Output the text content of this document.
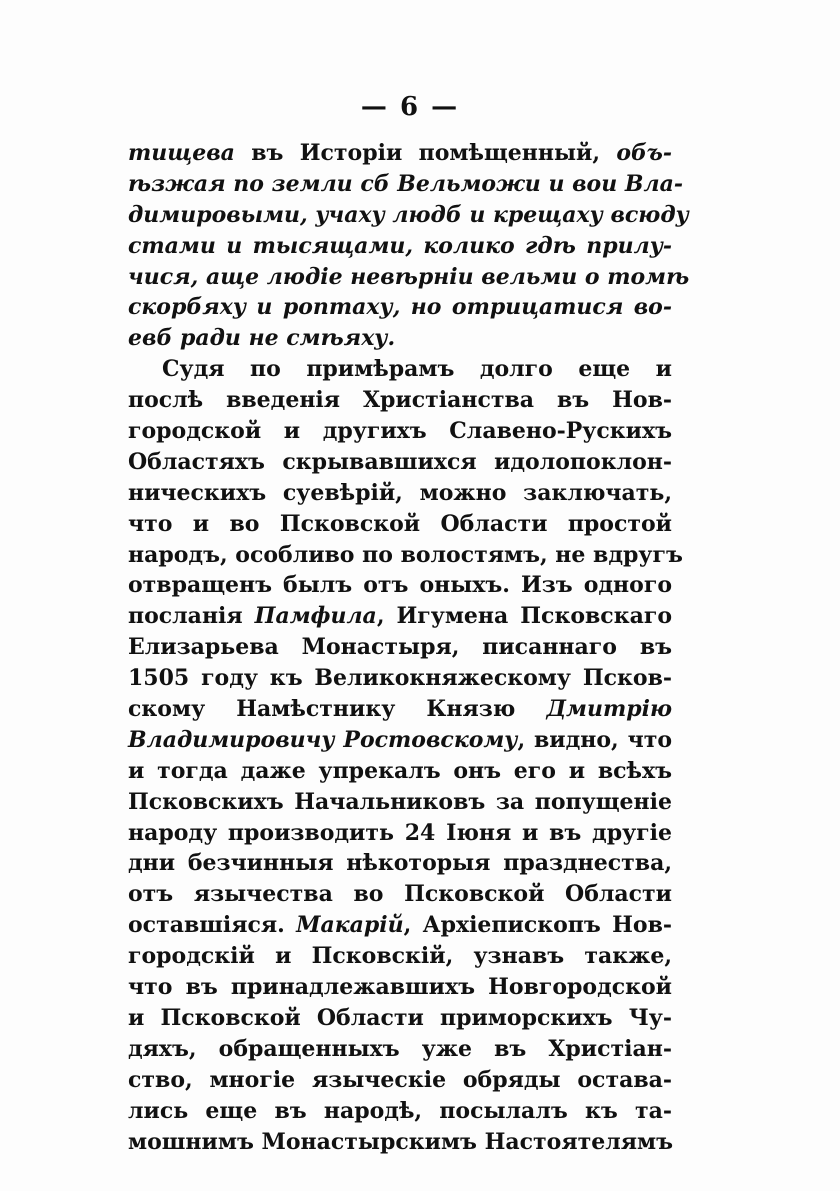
— 6 —
тищева въ Исторіи помѣщенный, объ-
ѣзжая по земли сб Вельможи и вои Вла-
димировыми, учаху людб и крещаху всюду
стами и тысящами, колико гдѣ прилу-
чися, аще людіе невѣрніи вельми о томѣ
скорбяху и роптаху, но отрицатися во-
евб ради не смѣяху.
Судя по примѣрамъ долго еще и
послѣ введенія Христіанства въ Нов-
городской и другихъ Славено-Рускихъ
Областяхъ скрывавшихся идолопоклон-
ническихъ суевѣрій, можно заключать,
что и во Псковской Области простой
народъ, особливо по волостямъ, не вдругъ
отвращенъ былъ отъ оныхъ. Изъ одного
посланія Памфила, Игумена Псковскаго
Елизарьева Монастыря, писаннаго въ
1505 году къ Великокняжескому Псков-
скому Намѣстнику Князю Дмитрію
Владимировичу Ростовскому, видно, что
и тогда даже упрекалъ онъ его и всѣхъ
Псковскихъ Начальниковъ за попущеніе
народу производить 24 Іюня и въ другіе
дни безчинныя нѣкоторыя празднества,
отъ язычества во Псковской Области
оставшіяся. Макарій, Архіепископъ Нов-
городскій и Псковскій, узнавъ также,
что въ принадлежавшихъ Новгородской
и Псковской Области приморскихъ Чу-
дяхъ, обращенныхъ уже въ Христіан-
ство, многіе языческіе обряды остава-
лись еще въ народѣ, посылалъ къ та-
мошнимъ Монастырскимъ Настоятелямъ
